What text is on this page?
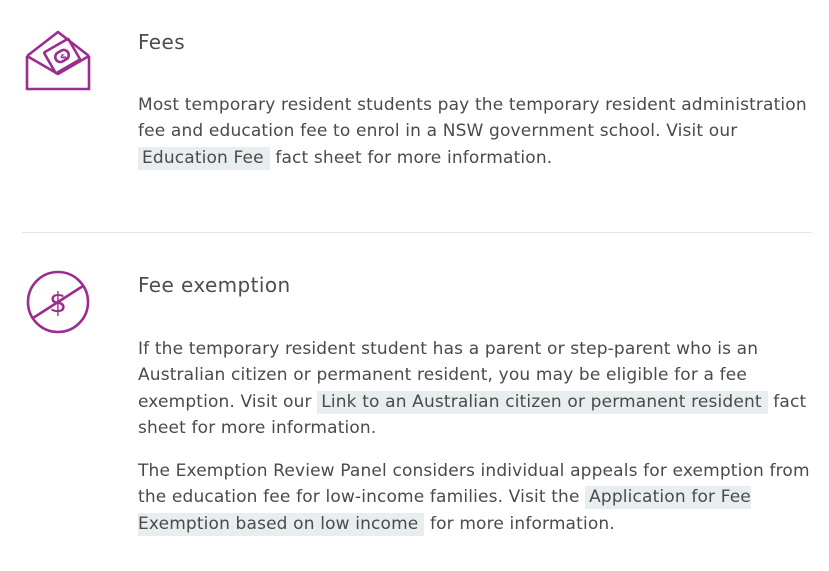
$
Fees

Most temporary resident students pay the temporary resident administration fee and education fee to enrol in a NSW government school. Visit our Education Fee fact sheet for more information.

$
Fee exemption

If the temporary resident student has a parent or step-parent who is an Australian citizen or permanent resident, you may be eligible for a fee exemption. Visit our Link to an Australian citizen or permanent resident fact sheet for more information.

The Exemption Review Panel considers individual appeals for exemption from the education fee for low-income families. Visit the Application for Fee Exemption based on low income for more information.
